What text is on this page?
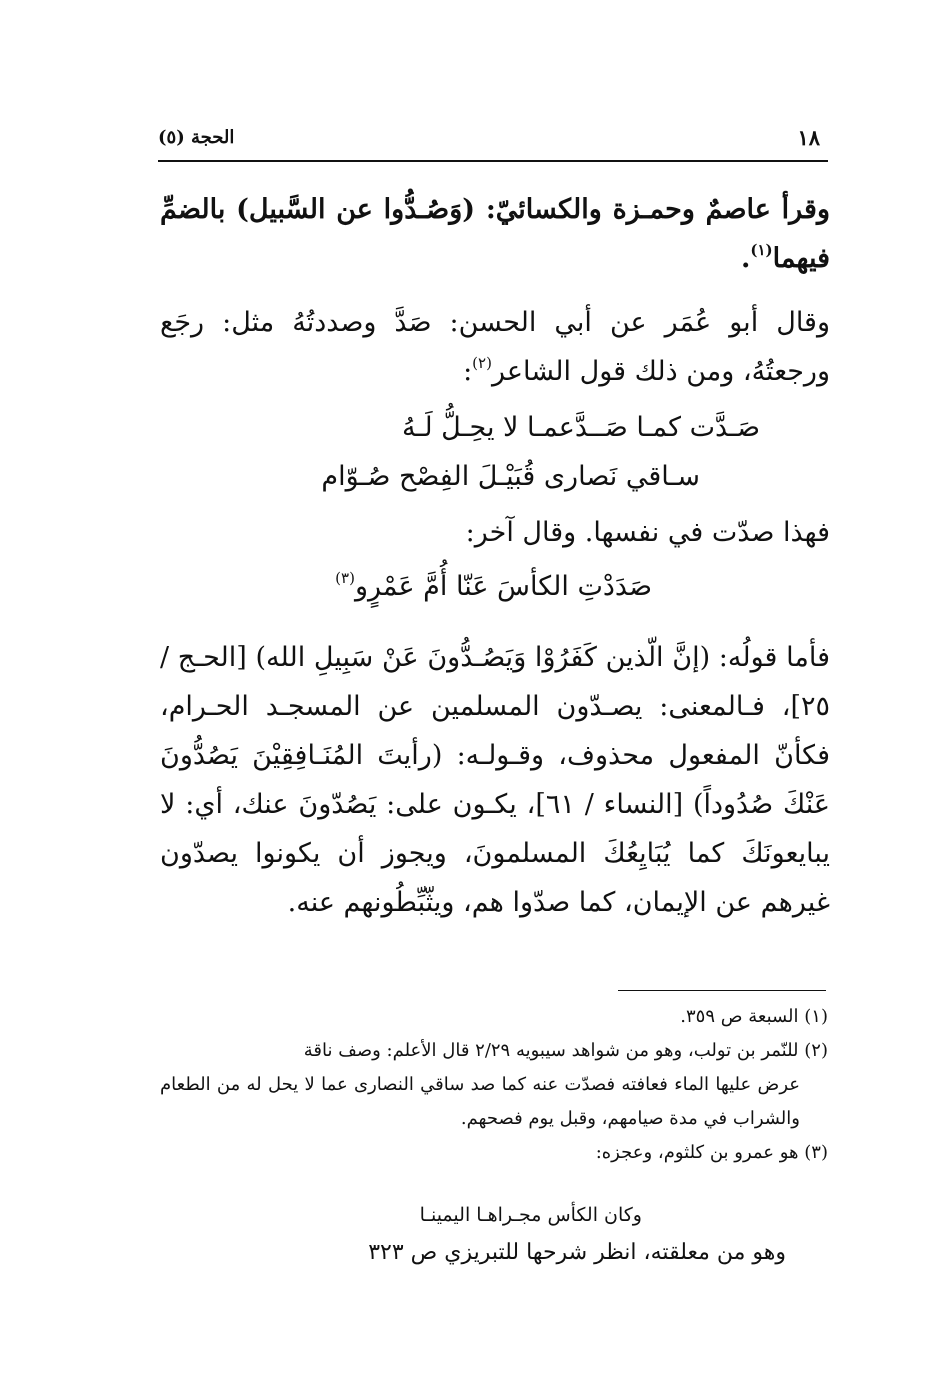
١٨
الحجة (٥)
وقرأ عاصمٌ وحمـزة والكسائيّ: (وَصُـدُّوا عن السَّبيل) بالضمِّ فيهما$^{(١)}$.
وقال أبو عُمَر عن أبي الحسن: صَدَّ وصددتُهُ مثل: رجَع ورجعتُهُ، ومن ذلك قول الشاعر$^{(٢)}$:
صَـدَّت كمـا صَــدَّعمـا لا يحِـلُّ لَـهُ
سـاقي نَصارى قُبَيْـلَ الفِصْح صُـوّام
فهذا صدّت في نفسها. وقال آخر:
صَدَدْتِ الكأسَ عَنّا أُمَّ عَمْرٍو$^{(٣)}$
فأما قولُه: (إنَّ الّذين كَفَرُوْا وَيَصُـدُّونَ عَنْ سَبِيلِ الله) [الحـج / ٢٥]، فـالمعنى: يصـدّون المسلمين عن المسجـد الحـرام، فكأنّ المفعول محذوف، وقـولـه: (رأيتَ المُنَـافِقِيْنَ يَصُدُّونَ عَنْكَ صُدُوداً) [النساء / ٦١]، يكـون على: يَصُدّونَ عنك، أي: لا يبايعونَكَ كما يُبَايِعُكَ المسلمونَ، ويجوز أن يكونوا يصدّون غيرهم عن الإيمان، كما صدّوا هم، ويثّبِّطُونهم عنه.
(١) السبعة ص ٣٥٩.
(٢) للنّمر بن تولب، وهو من شواهد سيبويه ٢/٢٩ قال الأعلم: وصف ناقة
عرض عليها الماء فعافته فصدّت عنه كما صد ساقي النصارى عما لا يحل له من الطعام والشراب في مدة صيامهم، وقبل يوم فصحهم.
(٣) هو عمرو بن كلثوم، وعجزه:
وكان الكأس مجـراهـا اليمينـا
وهو من معلقته، انظر شرحها للتبريزي ص ٣٢٣
